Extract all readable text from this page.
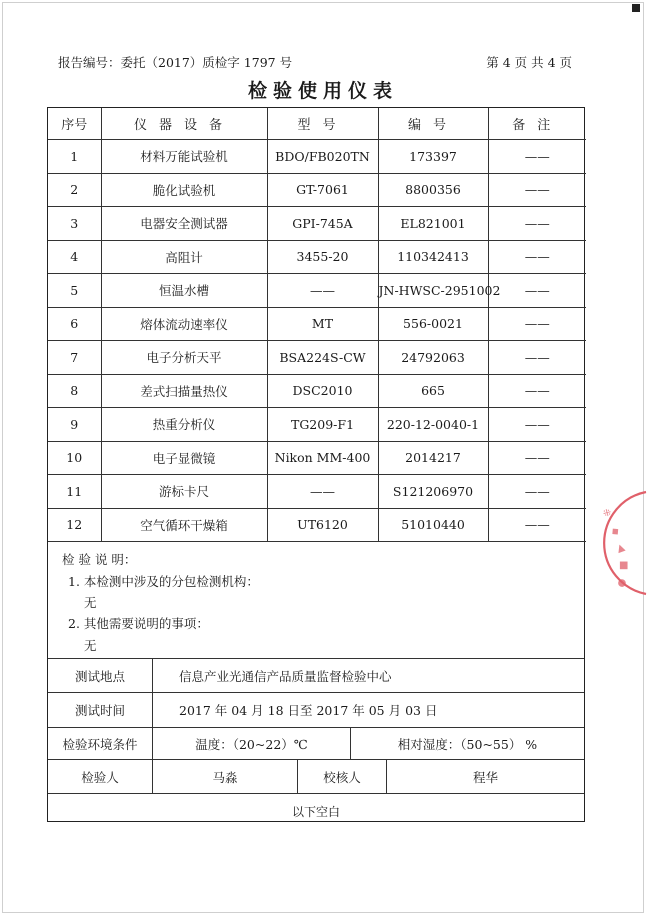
报告编号：委托（2017）质检字 1797 号	第 4 页 共 4 页
检验使用仪表
序号	仪器设备	型号	编号	备注
1	材料万能试验机	BDO/FB020TN	173397	——
2	脆化试验机	GT-7061	8800356	——
3	电器安全测试器	GPI-745A	EL821001	——
4	高阻计	3455-20	110342413	——
5	恒温水槽	——	JN-HWSC-2951002	——
6	熔体流动速率仪	MT	556-0021	——
7	电子分析天平	BSA224S-CW	24792063	——
8	差式扫描量热仪	DSC2010	665	——
9	热重分析仪	TG209-F1	220-12-0040-1	——
10	电子显微镜	Nikon MM-400	2014217	——
11	游标卡尺	——	S121206970	——
12	空气循环干燥箱	UT6120	51010440	——
检 验 说 明：
1. 本检测中涉及的分包检测机构：
无
2. 其他需要说明的事项：
无
测试地点	信息产业光通信产品质量监督检验中心
测试时间	2017 年 04 月 18 日至 2017 年 05 月 03 日
检验环境条件	温度：（20~22）℃	相对湿度：（50~55） %
检验人	马淼	校核人	程华
以下空白
※
◆
▲
■
●
